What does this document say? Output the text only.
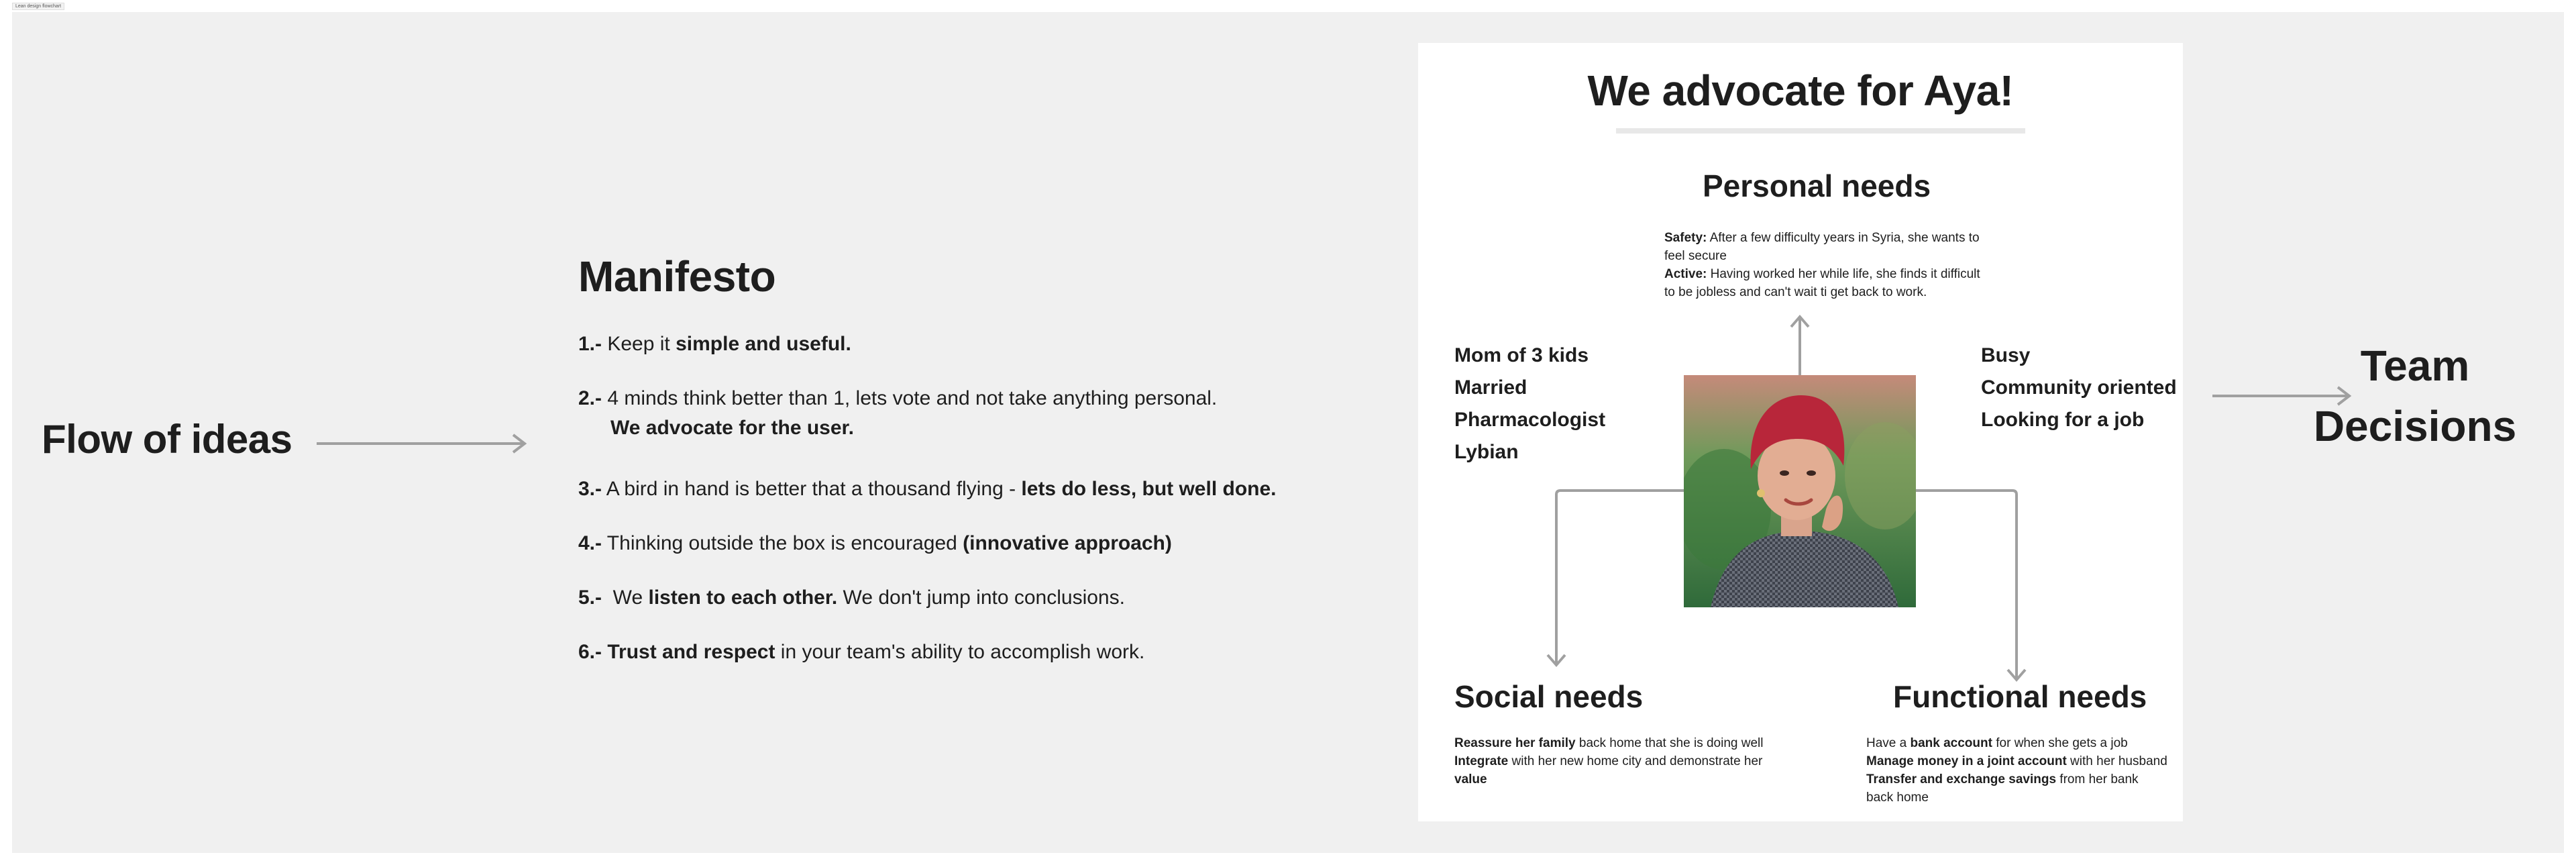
Lean design flowchart
Flow of ideas
Manifesto
1.- Keep it simple and useful.
2.- 4 minds think better than 1, lets vote and not take anything personal.
We advocate for the user.
3.- A bird in hand is better that a thousand flying - lets do less, but well done.
4.- Thinking outside the box is encouraged (innovative approach)
5.-  We listen to each other. We don't jump into conclusions.
6.- Trust and respect in your team's ability to accomplish work.
We advocate for Aya!
Personal needs
Safety: After a few difficulty years in Syria, she wants to feel secure
Active: Having worked her while life, she finds it difficult to be jobless and can't wait ti get back to work.
Mom of 3 kids
Married
Pharmacologist
Lybian
Busy
Community oriented
Looking for a job
Social needs
Reassure her family back home that she is doing well
Integrate with her new home city and demonstrate her value
Functional needs
Have a bank account for when she gets a job
Manage money in a joint account with her husband
Transfer and exchange savings from her bank back home
Team
Decisions
